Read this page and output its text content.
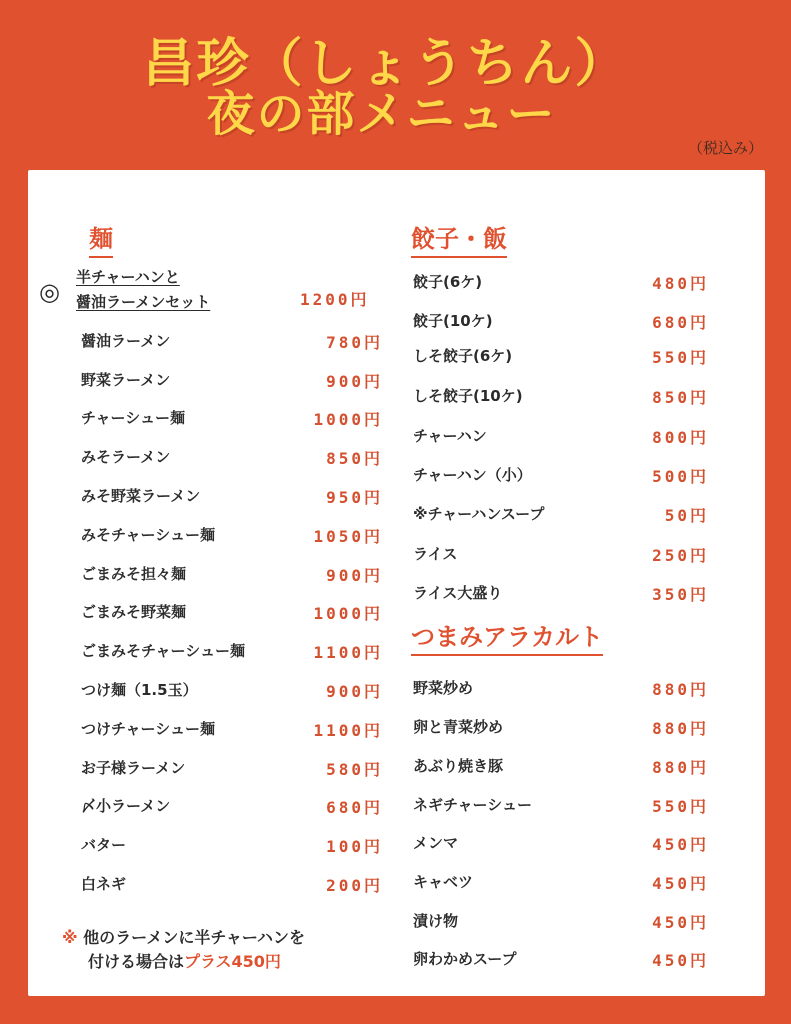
昌珍（しょうちん）
夜の部メニュー
（税込み）
麺
◎
半チャーハンと
醤油ラーメンセット	1200円
醤油ラーメン	780円
野菜ラーメン	900円
チャーシュー麺	1000円
みそラーメン	850円
みそ野菜ラーメン	950円
みそチャーシュー麺	1050円
ごまみそ担々麺	900円
ごまみそ野菜麺	1000円
ごまみそチャーシュー麺	1100円
つけ麺（1.5玉）	900円
つけチャーシュー麺	1100円
お子様ラーメン	580円
〆小ラーメン	680円
バター	100円
白ネギ	200円
※ 他のラーメンに半チャーハンを
付ける場合はプラス450円
餃子・飯
餃子(6ケ)	480円
餃子(10ケ)	680円
しそ餃子(6ケ)	550円
しそ餃子(10ケ)	850円
チャーハン	800円
チャーハン（小）	500円
※チャーハンスープ	50円
ライス	250円
ライス大盛り	350円
つまみアラカルト
野菜炒め	880円
卵と青菜炒め	880円
あぶり焼き豚	880円
ネギチャーシュー	550円
メンマ	450円
キャベツ	450円
漬け物	450円
卵わかめスープ	450円
